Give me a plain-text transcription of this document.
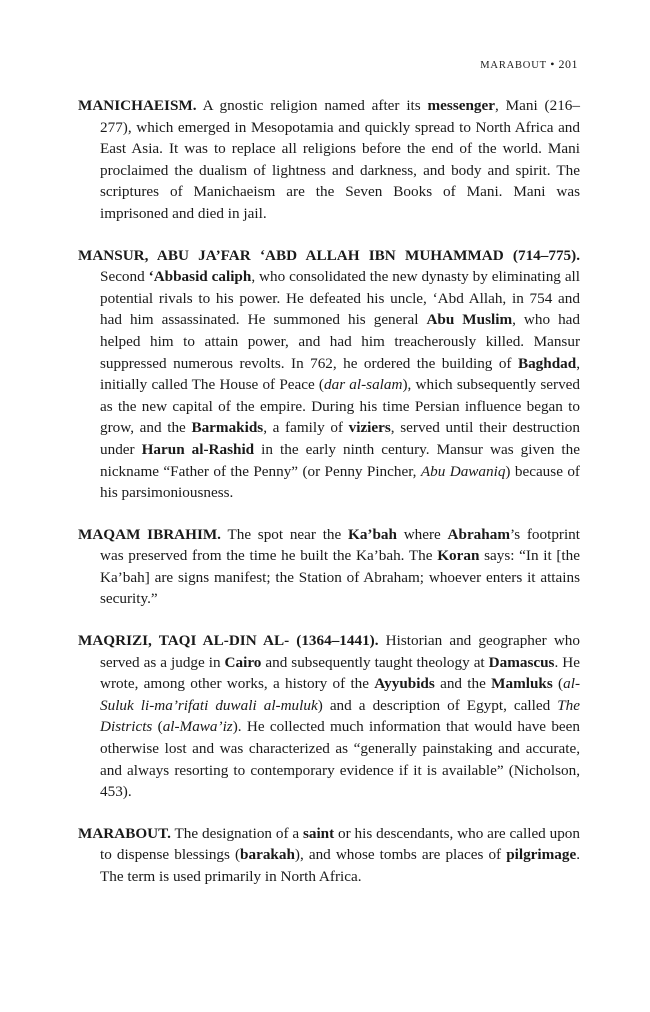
MARABOUT • 201

MANICHAEISM. A gnostic religion named after its messenger, Mani (216–277), which emerged in Mesopotamia and quickly spread to North Africa and East Asia. It was to replace all religions before the end of the world. Mani proclaimed the dualism of lightness and darkness, and body and spirit. The scriptures of Manichaeism are the Seven Books of Mani. Mani was imprisoned and died in jail.

MANSUR, ABU JA’FAR ‘ABD ALLAH IBN MUHAMMAD (714–775). Second ‘Abbasid caliph, who consolidated the new dynasty by eliminating all potential rivals to his power. He defeated his uncle, ‘Abd Allah, in 754 and had him assassinated. He summoned his general Abu Muslim, who had helped him to attain power, and had him treacherously killed. Mansur suppressed numerous revolts. In 762, he ordered the building of Baghdad, initially called The House of Peace (dar al-salam), which subsequently served as the new capital of the empire. During his time Persian influence began to grow, and the Barmakids, a family of viziers, served until their destruction under Harun al-Rashid in the early ninth century. Mansur was given the nickname “Father of the Penny” (or Penny Pincher, Abu Dawaniq) because of his parsimoniousness.

MAQAM IBRAHIM. The spot near the Ka’bah where Abraham’s footprint was preserved from the time he built the Ka’bah. The Koran says: “In it [the Ka’bah] are signs manifest; the Station of Abraham; whoever enters it attains security.”

MAQRIZI, TAQI AL-DIN AL- (1364–1441). Historian and geographer who served as a judge in Cairo and subsequently taught theology at Damascus. He wrote, among other works, a history of the Ayyubids and the Mamluks (al-Suluk li-ma’rifati duwali al-muluk) and a description of Egypt, called The Districts (al-Mawa’iz). He collected much information that would have been otherwise lost and was characterized as “generally painstaking and accurate, and always resorting to contemporary evidence if it is available” (Nicholson, 453).

MARABOUT. The designation of a saint or his descendants, who are called upon to dispense blessings (barakah), and whose tombs are places of pilgrimage. The term is used primarily in North Africa.
